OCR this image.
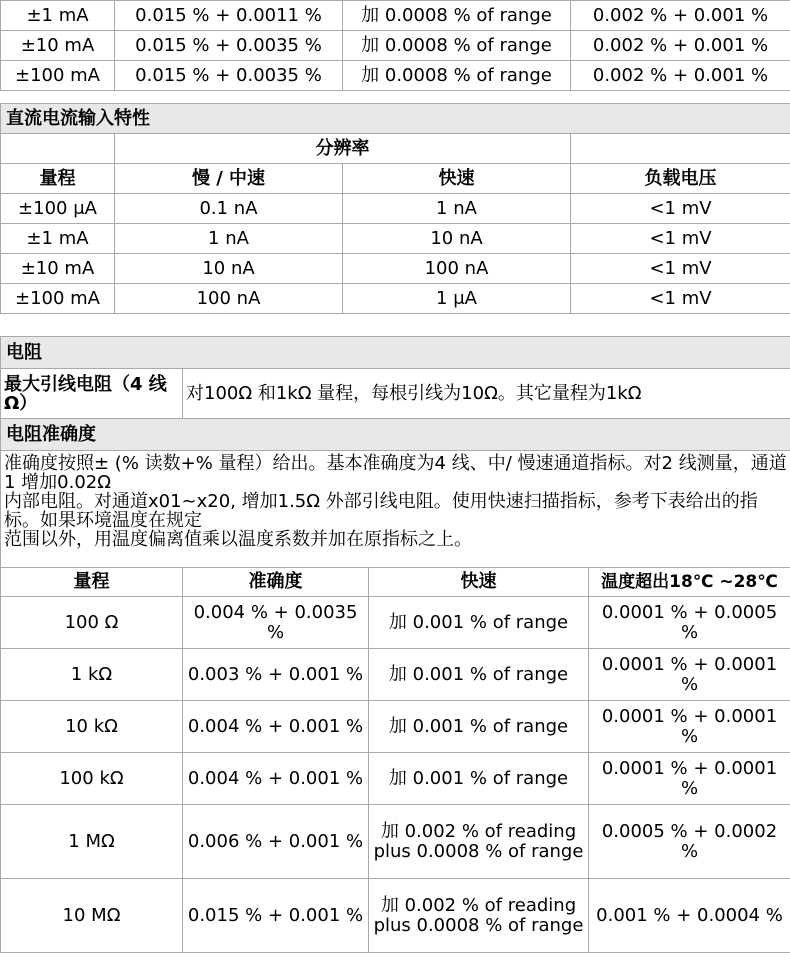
±1 mA	0.015 % + 0.0011 %	加 0.0008 % of range	0.002 % + 0.001 %
±10 mA	0.015 % + 0.0035 %	加 0.0008 % of range	0.002 % + 0.001 %
±100 mA	0.015 % + 0.0035 %	加 0.0008 % of range	0.002 % + 0.001 %
直流电流输入特性			
	分辨率		
量程	慢 / 中速	快速	负载电压
±100 μA	0.1 nA	1 nA	<1 mV
±1 mA	1 nA	10 nA	<1 mV
±10 mA	10 nA	100 nA	<1 mV
±100 mA	100 nA	1 μA	<1 mV
电阻			
最大引线电阻（4 线Ω）	对100Ω 和1kΩ 量程，每根引线为10Ω。其它量程为1kΩ		
电阻准确度			

准确度按照± (% 读数+% 量程）给出。基本准确度为4 线、中/ 慢速通道指标。对2 线测量，通道1 增加0.02Ω
内部电阻。对通道x01~x20, 增加1.5Ω 外部引线电阻。使用快速扫描指标，参考下表给出的指标。如果环境温度在规定
范围以外，用温度偏离值乘以温度系数并加在原指标之上。			

量程	准确度	快速	温度超出18℃ ~28℃
100 Ω	0.004 % + 0.0035 %	加 0.001 % of range	0.0001 % + 0.0005 %
1 kΩ	0.003 % + 0.001 %	加 0.001 % of range	0.0001 % + 0.0001 %
10 kΩ	0.004 % + 0.001 %	加 0.001 % of range	0.0001 % + 0.0001 %
100 kΩ	0.004 % + 0.001 %	加 0.001 % of range	0.0001 % + 0.0001 %
1 MΩ	0.006 % + 0.001 %	加 0.002 % of reading plus 0.0008 % of range	0.0005 % + 0.0002 %
10 MΩ	0.015 % + 0.001 %	加 0.002 % of reading plus 0.0008 % of range	0.001 % + 0.0004 %
